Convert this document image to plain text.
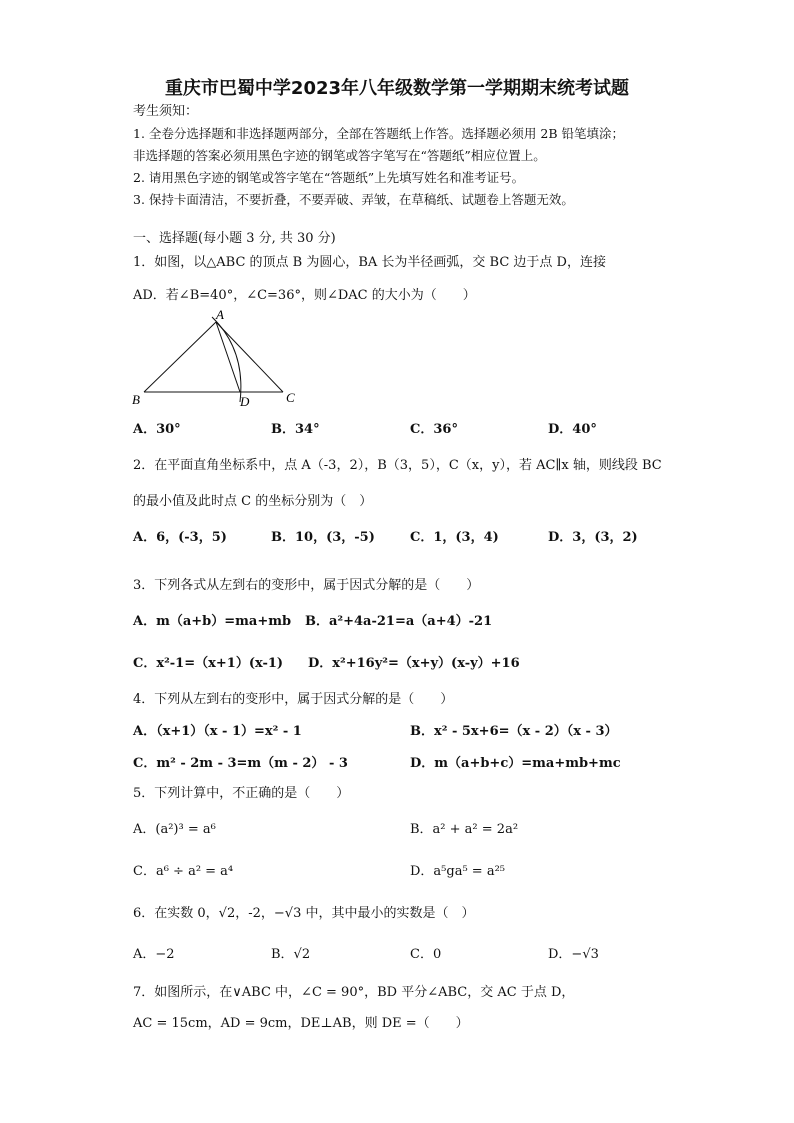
重庆市巴蜀中学2023年八年级数学第一学期期末统考试题
考生须知：
1. 全卷分选择题和非选择题两部分，全部在答题纸上作答。选择题必须用 2B 铅笔填涂；
非选择题的答案必须用黑色字迹的钢笔或答字笔写在“答题纸”相应位置上。
2. 请用黑色字迹的钢笔或答字笔在“答题纸”上先填写姓名和准考证号。
3. 保持卡面清洁，不要折叠，不要弄破、弄皱，在草稿纸、试题卷上答题无效。
一、选择题(每小题 3 分, 共 30 分)
1．如图，以△ABC 的顶点 B 为圆心，BA 长为半径画弧，交 BC 边于点 D，连接
AD．若∠B=40°，∠C=36°，则∠DAC 的大小为（　　）
A
B	C
D
A．30°	B．34°	C．36°	D．40°
2．在平面直角坐标系中，点 A（-3，2），B（3，5），C（x，y），若 AC∥x 轴，则线段 BC
的最小值及此时点 C 的坐标分别为（　）
A．6，(-3，5)	B．10，(3，-5)	C．1，(3，4)	D．3，(3，2)
3．下列各式从左到右的变形中，属于因式分解的是（　　）
A．m（a+b）=ma+mb B．a²+4a-21=a（a+4）-21
C．x²-1=（x+1）(x-1) D．x²+16y²=（x+y）(x-y）+16
4．下列从左到右的变形中，属于因式分解的是（　　）
A．（x+1）（x - 1）=x² - 1	B．x² - 5x+6=（x - 2）（x - 3）
C．m² - 2m - 3=m（m - 2） - 3	D．m（a+b+c）=ma+mb+mc
5．下列计算中，不正确的是（　　）
A．(a²)³ = a⁶	B．a² + a² = 2a²
C．a⁶ ÷ a² = a⁴	D．a⁵ga⁵ = a²⁵
6．在实数 0，√2，-2，−√3 中，其中最小的实数是（　）
A．−2	B．√2	C．0	D．−√3
7．如图所示，在∨ABC 中，∠C = 90°，BD 平分∠ABC，交 AC 于点 D，
AC = 15cm，AD = 9cm，DE⊥AB，则 DE =（　　）
